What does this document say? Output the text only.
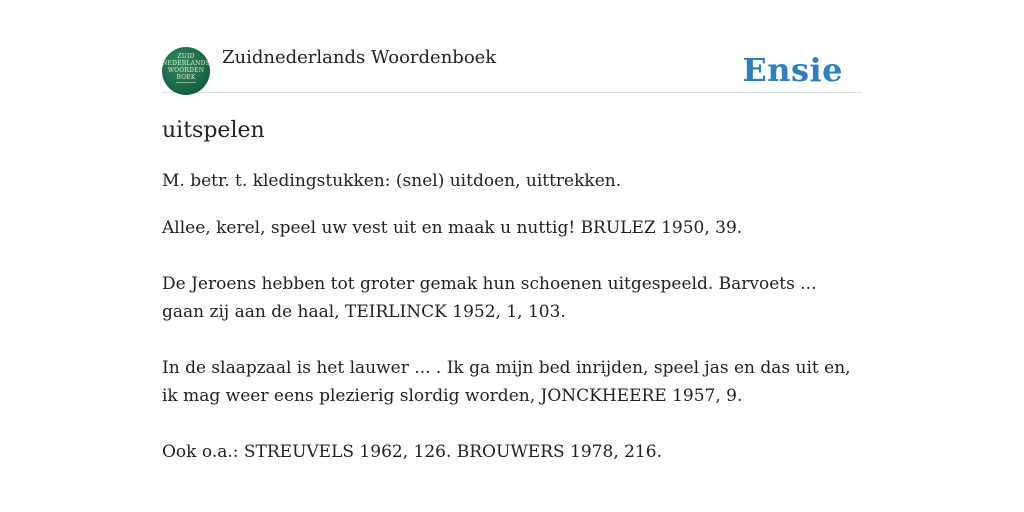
ZUID
NEDERLANDS
WOORDEN
BOEK
Zuidnederlands Woordenboek	Ensie
uitspelen

M. betr. t. kledingstukken: (snel) uitdoen, uittrekken.

Allee, kerel, speel uw vest uit en maak u nuttig! BRULEZ 1950, 39.

De Jeroens hebben tot groter gemak hun schoenen uitgespeeld. Barvoets ... gaan zij aan de haal, TEIRLINCK 1952, 1, 103.

In de slaapzaal is het lauwer ... . Ik ga mijn bed inrijden, speel jas en das uit en, ik mag weer eens plezierig slordig worden, JONCKHEERE 1957, 9.

Ook o.a.: STREUVELS 1962, 126. BROUWERS 1978, 216.
